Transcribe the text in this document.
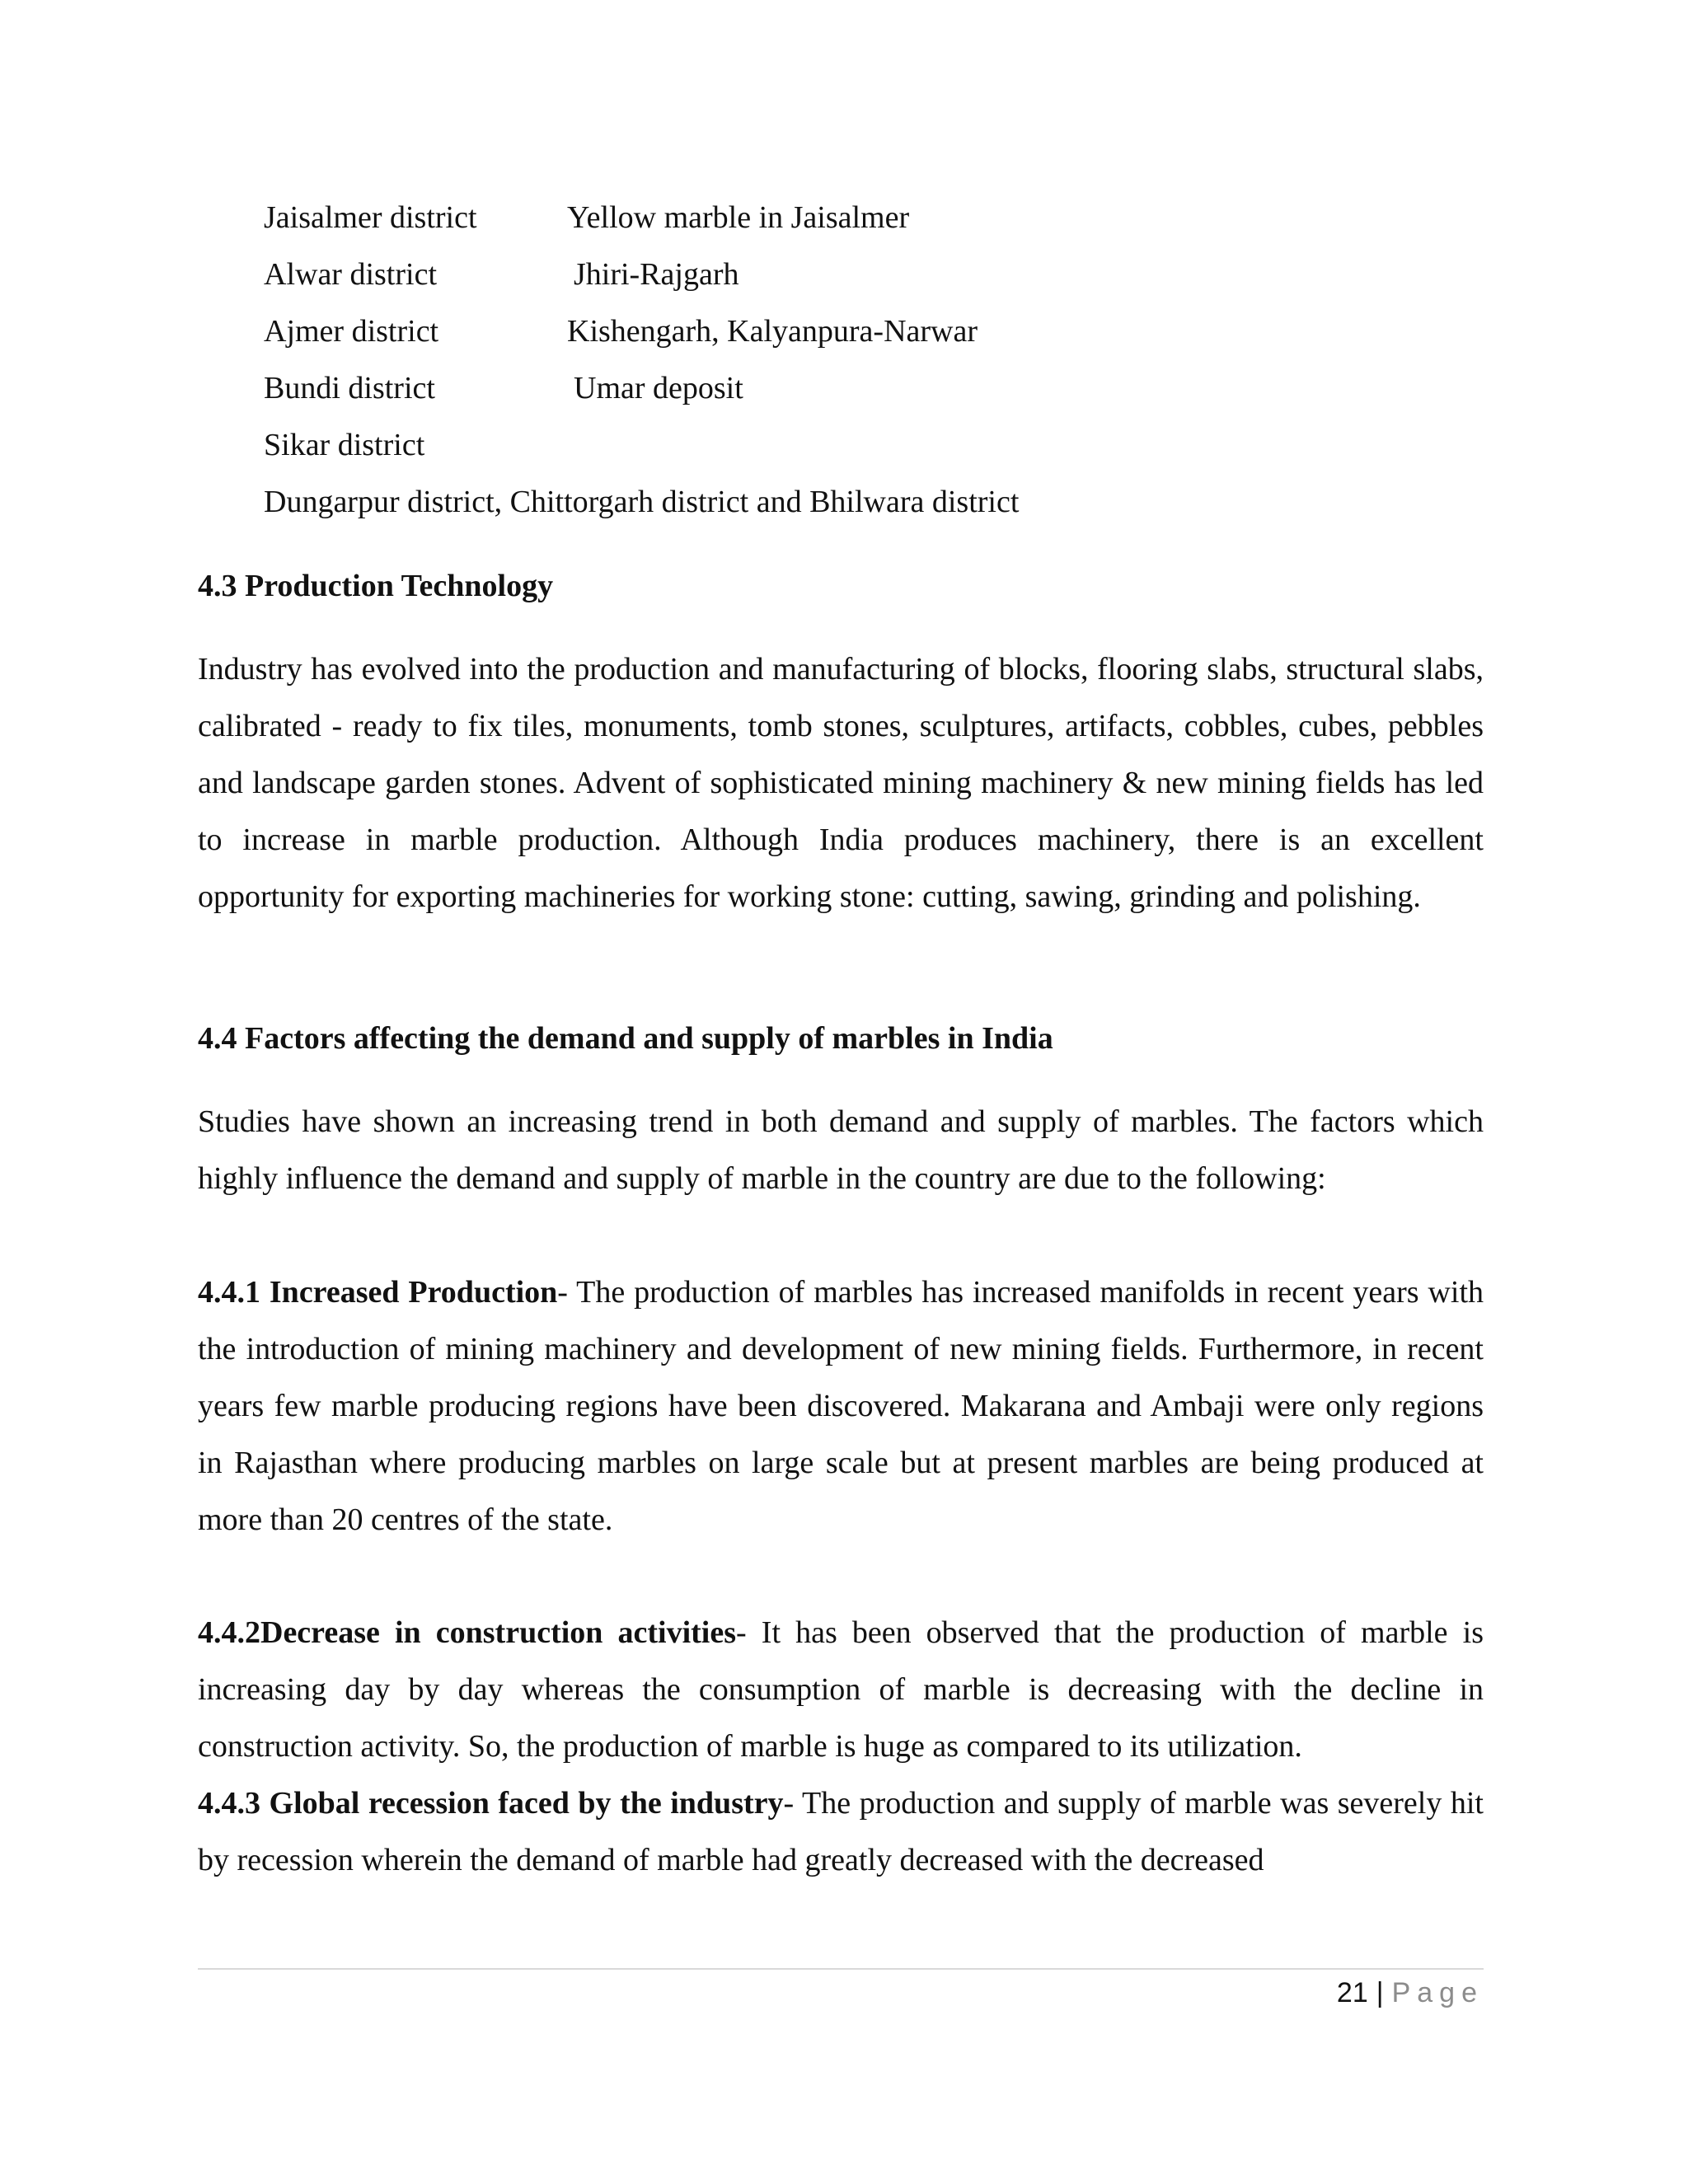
Jaisalmer district	Yellow marble in Jaisalmer
Alwar district	Jhiri-Rajgarh
Ajmer district	Kishengarh, Kalyanpura-Narwar
Bundi district	Umar deposit
Sikar district
Dungarpur district, Chittorgarh district and Bhilwara district
4.3 Production Technology
Industry has evolved into the production and manufacturing of blocks, flooring slabs, structural slabs, calibrated - ready to fix tiles, monuments, tomb stones, sculptures, artifacts, cobbles, cubes, pebbles and landscape garden stones. Advent of sophisticated mining machinery & new mining fields has led to increase in marble production. Although India produces machinery, there is an excellent opportunity for exporting machineries for working stone: cutting, sawing, grinding and polishing.
4.4 Factors affecting the demand and supply of marbles in India
Studies have shown an increasing trend in both demand and supply of marbles. The factors which highly influence the demand and supply of marble in the country are due to the following:
4.4.1 Increased Production- The production of marbles has increased manifolds in recent years with the introduction of mining machinery and development of new mining fields. Furthermore, in recent years few marble producing regions have been discovered. Makarana and Ambaji were only regions in Rajasthan where producing marbles on large scale but at present marbles are being produced at more than 20 centres of the state.
4.4.2Decrease in construction activities- It has been observed that the production of marble is increasing day by day whereas the consumption of marble is decreasing with the decline in construction activity. So, the production of marble is huge as compared to its utilization.
4.4.3 Global recession faced by the industry- The production and supply of marble was severely hit by recession wherein the demand of marble had greatly decreased with the decreased
21 | Page
